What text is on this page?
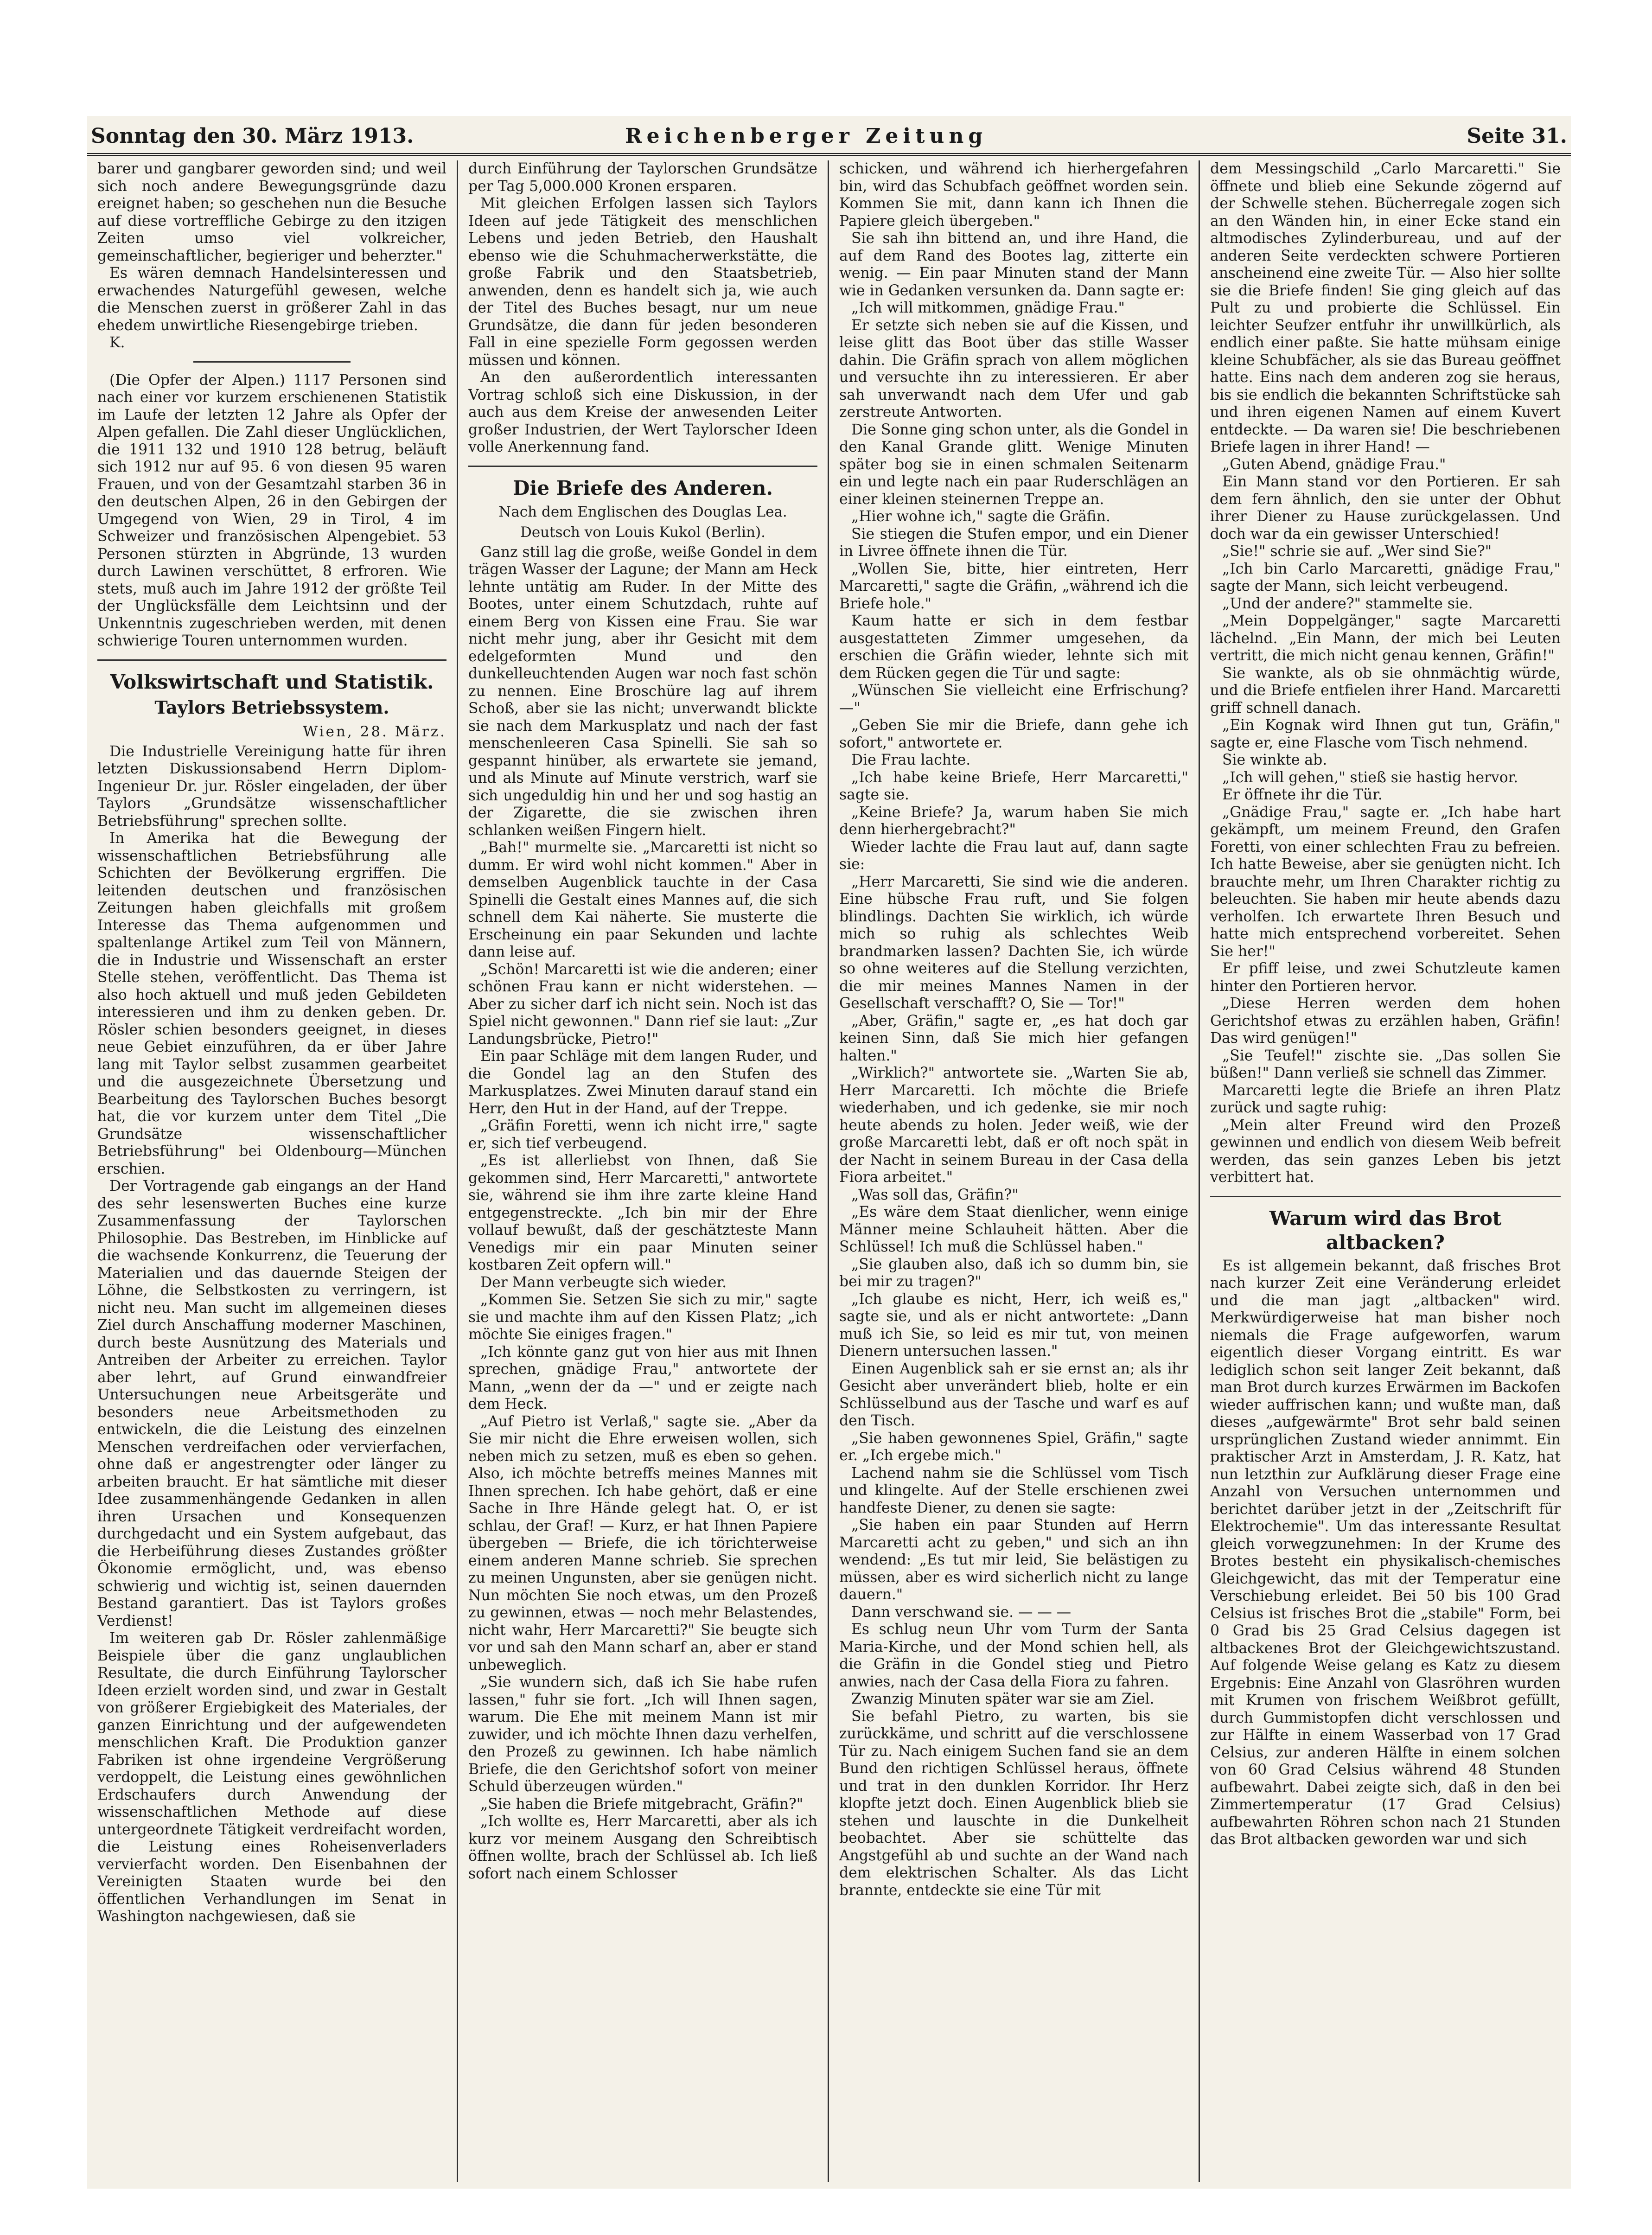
Sonntag den 30. März 1913.	Reichenberger Zeitung	Seite 31.

barer und gangbarer geworden sind; und weil sich noch andere Bewegungsgründe dazu ereignet haben; so geschehen nun die Besuche auf diese vortreffliche Gebirge zu den itzigen Zeiten umso viel volkreicher, gemeinschaftlicher, begieriger und beherzter."

Es wären demnach Handelsinteressen und erwachendes Naturgefühl gewesen, welche die Menschen zuerst in größerer Zahl in das ehedem unwirtliche Riesengebirge trieben.

K.

(Die Opfer der Alpen.) 1117 Personen sind nach einer vor kurzem erschienenen Statistik im Laufe der letzten 12 Jahre als Opfer der Alpen gefallen. Die Zahl dieser Unglücklichen, die 1911 132 und 1910 128 betrug, beläuft sich 1912 nur auf 95. 6 von diesen 95 waren Frauen, und von der Gesamtzahl starben 36 in den deutschen Alpen, 26 in den Gebirgen der Umgegend von Wien, 29 in Tirol, 4 im Schweizer und französischen Alpengebiet. 53 Personen stürzten in Abgründe, 13 wurden durch Lawinen verschüttet, 8 erfroren. Wie stets, muß auch im Jahre 1912 der größte Teil der Unglücksfälle dem Leichtsinn und der Unkenntnis zugeschrieben werden, mit denen schwierige Touren unternommen wurden.

Volkswirtschaft und Statistik.
Taylors Betriebssystem.
Wien, 28. März.

Die Industrielle Vereinigung hatte für ihren letzten Diskussionsabend Herrn Diplom-Ingenieur Dr. jur. Rösler eingeladen, der über Taylors „Grundsätze wissenschaftlicher Betriebsführung" sprechen sollte.

In Amerika hat die Bewegung der wissenschaftlichen Betriebsführung alle Schichten der Bevölkerung ergriffen. Die leitenden deutschen und französischen Zeitungen haben gleichfalls mit großem Interesse das Thema aufgenommen und spaltenlange Artikel zum Teil von Männern, die in Industrie und Wissenschaft an erster Stelle stehen, veröffentlicht. Das Thema ist also hoch aktuell und muß jeden Gebildeten interessieren und ihm zu denken geben. Dr. Rösler schien besonders geeignet, in dieses neue Gebiet einzuführen, da er über Jahre lang mit Taylor selbst zusammen gearbeitet und die ausgezeichnete Übersetzung und Bearbeitung des Taylorschen Buches besorgt hat, die vor kurzem unter dem Titel „Die Grundsätze wissenschaftlicher Betriebsführung" bei Oldenbourg—München erschien.

Der Vortragende gab eingangs an der Hand des sehr lesenswerten Buches eine kurze Zusammenfassung der Taylorschen Philosophie. Das Bestreben, im Hinblicke auf die wachsende Konkurrenz, die Teuerung der Materialien und das dauernde Steigen der Löhne, die Selbstkosten zu verringern, ist nicht neu. Man sucht im allgemeinen dieses Ziel durch Anschaffung moderner Maschinen, durch beste Ausnützung des Materials und Antreiben der Arbeiter zu erreichen. Taylor aber lehrt, auf Grund einwandfreier Untersuchungen neue Arbeitsgeräte und besonders neue Arbeitsmethoden zu entwickeln, die die Leistung des einzelnen Menschen verdreifachen oder vervierfachen, ohne daß er angestrengter oder länger zu arbeiten braucht. Er hat sämtliche mit dieser Idee zusammenhängende Gedanken in allen ihren Ursachen und Konsequenzen durchgedacht und ein System aufgebaut, das die Herbeiführung dieses Zustandes größter Ökonomie ermöglicht, und, was ebenso schwierig und wichtig ist, seinen dauernden Bestand garantiert. Das ist Taylors großes Verdienst!

Im weiteren gab Dr. Rösler zahlenmäßige Beispiele über die ganz unglaublichen Resultate, die durch Einführung Taylorscher Ideen erzielt worden sind, und zwar in Gestalt von größerer Ergiebigkeit des Materiales, der ganzen Einrichtung und der aufgewendeten menschlichen Kraft. Die Produktion ganzer Fabriken ist ohne irgendeine Vergrößerung verdoppelt, die Leistung eines gewöhnlichen Erdschaufers durch Anwendung der wissenschaftlichen Methode auf diese untergeordnete Tätigkeit verdreifacht worden, die Leistung eines Roheisenverladers vervierfacht worden. Den Eisenbahnen der Vereinigten Staaten wurde bei den öffentlichen Verhandlungen im Senat in Washington nachgewiesen, daß sie

durch Einführung der Taylorschen Grundsätze per Tag 5,000.000 Kronen ersparen.

Mit gleichen Erfolgen lassen sich Taylors Ideen auf jede Tätigkeit des menschlichen Lebens und jeden Betrieb, den Haushalt ebenso wie die Schuhmacherwerkstätte, die große Fabrik und den Staatsbetrieb, anwenden, denn es handelt sich ja, wie auch der Titel des Buches besagt, nur um neue Grundsätze, die dann für jeden besonderen Fall in eine spezielle Form gegossen werden müssen und können.

An den außerordentlich interessanten Vortrag schloß sich eine Diskussion, in der auch aus dem Kreise der anwesenden Leiter großer Industrien, der Wert Taylorscher Ideen volle Anerkennung fand.

Die Briefe des Anderen.
Nach dem Englischen des Douglas Lea.
Deutsch von Louis Kukol (Berlin).

Ganz still lag die große, weiße Gondel in dem trägen Wasser der Lagune; der Mann am Heck lehnte untätig am Ruder. In der Mitte des Bootes, unter einem Schutzdach, ruhte auf einem Berg von Kissen eine Frau. Sie war nicht mehr jung, aber ihr Gesicht mit dem edelgeformten Mund und den dunkelleuchtenden Augen war noch fast schön zu nennen. Eine Broschüre lag auf ihrem Schoß, aber sie las nicht; unverwandt blickte sie nach dem Markusplatz und nach der fast menschenleeren Casa Spinelli. Sie sah so gespannt hinüber, als erwartete sie jemand, und als Minute auf Minute verstrich, warf sie sich ungeduldig hin und her und sog hastig an der Zigarette, die sie zwischen ihren schlanken weißen Fingern hielt.

„Bah!" murmelte sie. „Marcaretti ist nicht so dumm. Er wird wohl nicht kommen." Aber in demselben Augenblick tauchte in der Casa Spinelli die Gestalt eines Mannes auf, die sich schnell dem Kai näherte. Sie musterte die Erscheinung ein paar Sekunden und lachte dann leise auf.

„Schön! Marcaretti ist wie die anderen; einer schönen Frau kann er nicht widerstehen. — Aber zu sicher darf ich nicht sein. Noch ist das Spiel nicht gewonnen." Dann rief sie laut: „Zur Landungsbrücke, Pietro!"

Ein paar Schläge mit dem langen Ruder, und die Gondel lag an den Stufen des Markusplatzes. Zwei Minuten darauf stand ein Herr, den Hut in der Hand, auf der Treppe.

„Gräfin Foretti, wenn ich nicht irre," sagte er, sich tief verbeugend.

„Es ist allerliebst von Ihnen, daß Sie gekommen sind, Herr Marcaretti," antwortete sie, während sie ihm ihre zarte kleine Hand entgegenstreckte. „Ich bin mir der Ehre vollauf bewußt, daß der geschätzteste Mann Venedigs mir ein paar Minuten seiner kostbaren Zeit opfern will."

Der Mann verbeugte sich wieder.

„Kommen Sie. Setzen Sie sich zu mir," sagte sie und machte ihm auf den Kissen Platz; „ich möchte Sie einiges fragen."

„Ich könnte ganz gut von hier aus mit Ihnen sprechen, gnädige Frau," antwortete der Mann, „wenn der da —" und er zeigte nach dem Heck.

„Auf Pietro ist Verlaß," sagte sie. „Aber da Sie mir nicht die Ehre erweisen wollen, sich neben mich zu setzen, muß es eben so gehen. Also, ich möchte betreffs meines Mannes mit Ihnen sprechen. Ich habe gehört, daß er eine Sache in Ihre Hände gelegt hat. O, er ist schlau, der Graf! — Kurz, er hat Ihnen Papiere übergeben — Briefe, die ich törichterweise einem anderen Manne schrieb. Sie sprechen zu meinen Ungunsten, aber sie genügen nicht. Nun möchten Sie noch etwas, um den Prozeß zu gewinnen, etwas — noch mehr Belastendes, nicht wahr, Herr Marcaretti?" Sie beugte sich vor und sah den Mann scharf an, aber er stand unbeweglich.

„Sie wundern sich, daß ich Sie habe rufen lassen," fuhr sie fort. „Ich will Ihnen sagen, warum. Die Ehe mit meinem Mann ist mir zuwider, und ich möchte Ihnen dazu verhelfen, den Prozeß zu gewinnen. Ich habe nämlich Briefe, die den Gerichtshof sofort von meiner Schuld überzeugen würden."

„Sie haben die Briefe mitgebracht, Gräfin?"

„Ich wollte es, Herr Marcaretti, aber als ich kurz vor meinem Ausgang den Schreibtisch öffnen wollte, brach der Schlüssel ab. Ich ließ sofort nach einem Schlosser

schicken, und während ich hierhergefahren bin, wird das Schubfach geöffnet worden sein. Kommen Sie mit, dann kann ich Ihnen die Papiere gleich übergeben."

Sie sah ihn bittend an, und ihre Hand, die auf dem Rand des Bootes lag, zitterte ein wenig. — Ein paar Minuten stand der Mann wie in Gedanken versunken da. Dann sagte er:

„Ich will mitkommen, gnädige Frau."

Er setzte sich neben sie auf die Kissen, und leise glitt das Boot über das stille Wasser dahin. Die Gräfin sprach von allem möglichen und versuchte ihn zu interessieren. Er aber sah unverwandt nach dem Ufer und gab zerstreute Antworten.

Die Sonne ging schon unter, als die Gondel in den Kanal Grande glitt. Wenige Minuten später bog sie in einen schmalen Seitenarm ein und legte nach ein paar Ruderschlägen an einer kleinen steinernen Treppe an.

„Hier wohne ich," sagte die Gräfin.

Sie stiegen die Stufen empor, und ein Diener in Livree öffnete ihnen die Tür.

„Wollen Sie, bitte, hier eintreten, Herr Marcaretti," sagte die Gräfin, „während ich die Briefe hole."

Kaum hatte er sich in dem festbar ausgestatteten Zimmer umgesehen, da erschien die Gräfin wieder, lehnte sich mit dem Rücken gegen die Tür und sagte:

„Wünschen Sie vielleicht eine Erfrischung? —"

„Geben Sie mir die Briefe, dann gehe ich sofort," antwortete er.

Die Frau lachte.

„Ich habe keine Briefe, Herr Marcaretti," sagte sie.

„Keine Briefe? Ja, warum haben Sie mich denn hierhergebracht?"

Wieder lachte die Frau laut auf, dann sagte sie:

„Herr Marcaretti, Sie sind wie die anderen. Eine hübsche Frau ruft, und Sie folgen blindlings. Dachten Sie wirklich, ich würde mich so ruhig als schlechtes Weib brandmarken lassen? Dachten Sie, ich würde so ohne weiteres auf die Stellung verzichten, die mir meines Mannes Namen in der Gesellschaft verschafft? O, Sie — Tor!"

„Aber, Gräfin," sagte er, „es hat doch gar keinen Sinn, daß Sie mich hier gefangen halten."

„Wirklich?" antwortete sie. „Warten Sie ab, Herr Marcaretti. Ich möchte die Briefe wiederhaben, und ich gedenke, sie mir noch heute abends zu holen. Jeder weiß, wie der große Marcaretti lebt, daß er oft noch spät in der Nacht in seinem Bureau in der Casa della Fiora arbeitet."

„Was soll das, Gräfin?"

„Es wäre dem Staat dienlicher, wenn einige Männer meine Schlauheit hätten. Aber die Schlüssel! Ich muß die Schlüssel haben."

„Sie glauben also, daß ich so dumm bin, sie bei mir zu tragen?"

„Ich glaube es nicht, Herr, ich weiß es," sagte sie, und als er nicht antwortete: „Dann muß ich Sie, so leid es mir tut, von meinen Dienern untersuchen lassen."

Einen Augenblick sah er sie ernst an; als ihr Gesicht aber unverändert blieb, holte er ein Schlüsselbund aus der Tasche und warf es auf den Tisch.

„Sie haben gewonnenes Spiel, Gräfin," sagte er. „Ich ergebe mich."

Lachend nahm sie die Schlüssel vom Tisch und klingelte. Auf der Stelle erschienen zwei handfeste Diener, zu denen sie sagte:

„Sie haben ein paar Stunden auf Herrn Marcaretti acht zu geben," und sich an ihn wendend: „Es tut mir leid, Sie belästigen zu müssen, aber es wird sicherlich nicht zu lange dauern."

Dann verschwand sie. — — —

Es schlug neun Uhr vom Turm der Santa Maria-Kirche, und der Mond schien hell, als die Gräfin in die Gondel stieg und Pietro anwies, nach der Casa della Fiora zu fahren.

Zwanzig Minuten später war sie am Ziel.

Sie befahl Pietro, zu warten, bis sie zurückkäme, und schritt auf die verschlossene Tür zu. Nach einigem Suchen fand sie an dem Bund den richtigen Schlüssel heraus, öffnete und trat in den dunklen Korridor. Ihr Herz klopfte jetzt doch. Einen Augenblick blieb sie stehen und lauschte in die Dunkelheit beobachtet. Aber sie schüttelte das Angstgefühl ab und suchte an der Wand nach dem elektrischen Schalter. Als das Licht brannte, entdeckte sie eine Tür mit

dem Messingschild „Carlo Marcaretti." Sie öffnete und blieb eine Sekunde zögernd auf der Schwelle stehen. Bücherregale zogen sich an den Wänden hin, in einer Ecke stand ein altmodisches Zylinderbureau, und auf der anderen Seite verdeckten schwere Portieren anscheinend eine zweite Tür. — Also hier sollte sie die Briefe finden! Sie ging gleich auf das Pult zu und probierte die Schlüssel. Ein leichter Seufzer entfuhr ihr unwillkürlich, als endlich einer paßte. Sie hatte mühsam einige kleine Schubfächer, als sie das Bureau geöffnet hatte. Eins nach dem anderen zog sie heraus, bis sie endlich die bekannten Schriftstücke sah und ihren eigenen Namen auf einem Kuvert entdeckte. — Da waren sie! Die beschriebenen Briefe lagen in ihrer Hand! —

„Guten Abend, gnädige Frau."

Ein Mann stand vor den Portieren. Er sah dem fern ähnlich, den sie unter der Obhut ihrer Diener zu Hause zurückgelassen. Und doch war da ein gewisser Unterschied!

„Sie!" schrie sie auf. „Wer sind Sie?"

„Ich bin Carlo Marcaretti, gnädige Frau," sagte der Mann, sich leicht verbeugend.

„Und der andere?" stammelte sie.

„Mein Doppelgänger," sagte Marcaretti lächelnd. „Ein Mann, der mich bei Leuten vertritt, die mich nicht genau kennen, Gräfin!"

Sie wankte, als ob sie ohnmächtig würde, und die Briefe entfielen ihrer Hand. Marcaretti griff schnell danach.

„Ein Kognak wird Ihnen gut tun, Gräfin," sagte er, eine Flasche vom Tisch nehmend.

Sie winkte ab.

„Ich will gehen," stieß sie hastig hervor.

Er öffnete ihr die Tür.

„Gnädige Frau," sagte er. „Ich habe hart gekämpft, um meinem Freund, den Grafen Foretti, von einer schlechten Frau zu befreien. Ich hatte Beweise, aber sie genügten nicht. Ich brauchte mehr, um Ihren Charakter richtig zu beleuchten. Sie haben mir heute abends dazu verholfen. Ich erwartete Ihren Besuch und hatte mich entsprechend vorbereitet. Sehen Sie her!"

Er pfiff leise, und zwei Schutzleute kamen hinter den Portieren hervor.

„Diese Herren werden dem hohen Gerichtshof etwas zu erzählen haben, Gräfin! Das wird genügen!"

„Sie Teufel!" zischte sie. „Das sollen Sie büßen!" Dann verließ sie schnell das Zimmer.

Marcaretti legte die Briefe an ihren Platz zurück und sagte ruhig:

„Mein alter Freund wird den Prozeß gewinnen und endlich von diesem Weib befreit werden, das sein ganzes Leben bis jetzt verbittert hat.

Warum wird das Brot altbacken?

Es ist allgemein bekannt, daß frisches Brot nach kurzer Zeit eine Veränderung erleidet und die man jagt „altbacken" wird. Merkwürdigerweise hat man bisher noch niemals die Frage aufgeworfen, warum eigentlich dieser Vorgang eintritt. Es war lediglich schon seit langer Zeit bekannt, daß man Brot durch kurzes Erwärmen im Backofen wieder auffrischen kann; und wußte man, daß dieses „aufgewärmte" Brot sehr bald seinen ursprünglichen Zustand wieder annimmt. Ein praktischer Arzt in Amsterdam, J. R. Katz, hat nun letzthin zur Aufklärung dieser Frage eine Anzahl von Versuchen unternommen und berichtet darüber jetzt in der „Zeitschrift für Elektrochemie". Um das interessante Resultat gleich vorwegzunehmen: In der Krume des Brotes besteht ein physikalisch-chemisches Gleichgewicht, das mit der Temperatur eine Verschiebung erleidet. Bei 50 bis 100 Grad Celsius ist frisches Brot die „stabile" Form, bei 0 Grad bis 25 Grad Celsius dagegen ist altbackenes Brot der Gleichgewichtszustand. Auf folgende Weise gelang es Katz zu diesem Ergebnis: Eine Anzahl von Glasröhren wurden mit Krumen von frischem Weißbrot gefüllt, durch Gummistopfen dicht verschlossen und zur Hälfte in einem Wasserbad von 17 Grad Celsius, zur anderen Hälfte in einem solchen von 60 Grad Celsius während 48 Stunden aufbewahrt. Dabei zeigte sich, daß in den bei Zimmertemperatur (17 Grad Celsius) aufbewahrten Röhren schon nach 21 Stunden das Brot altbacken geworden war und sich
